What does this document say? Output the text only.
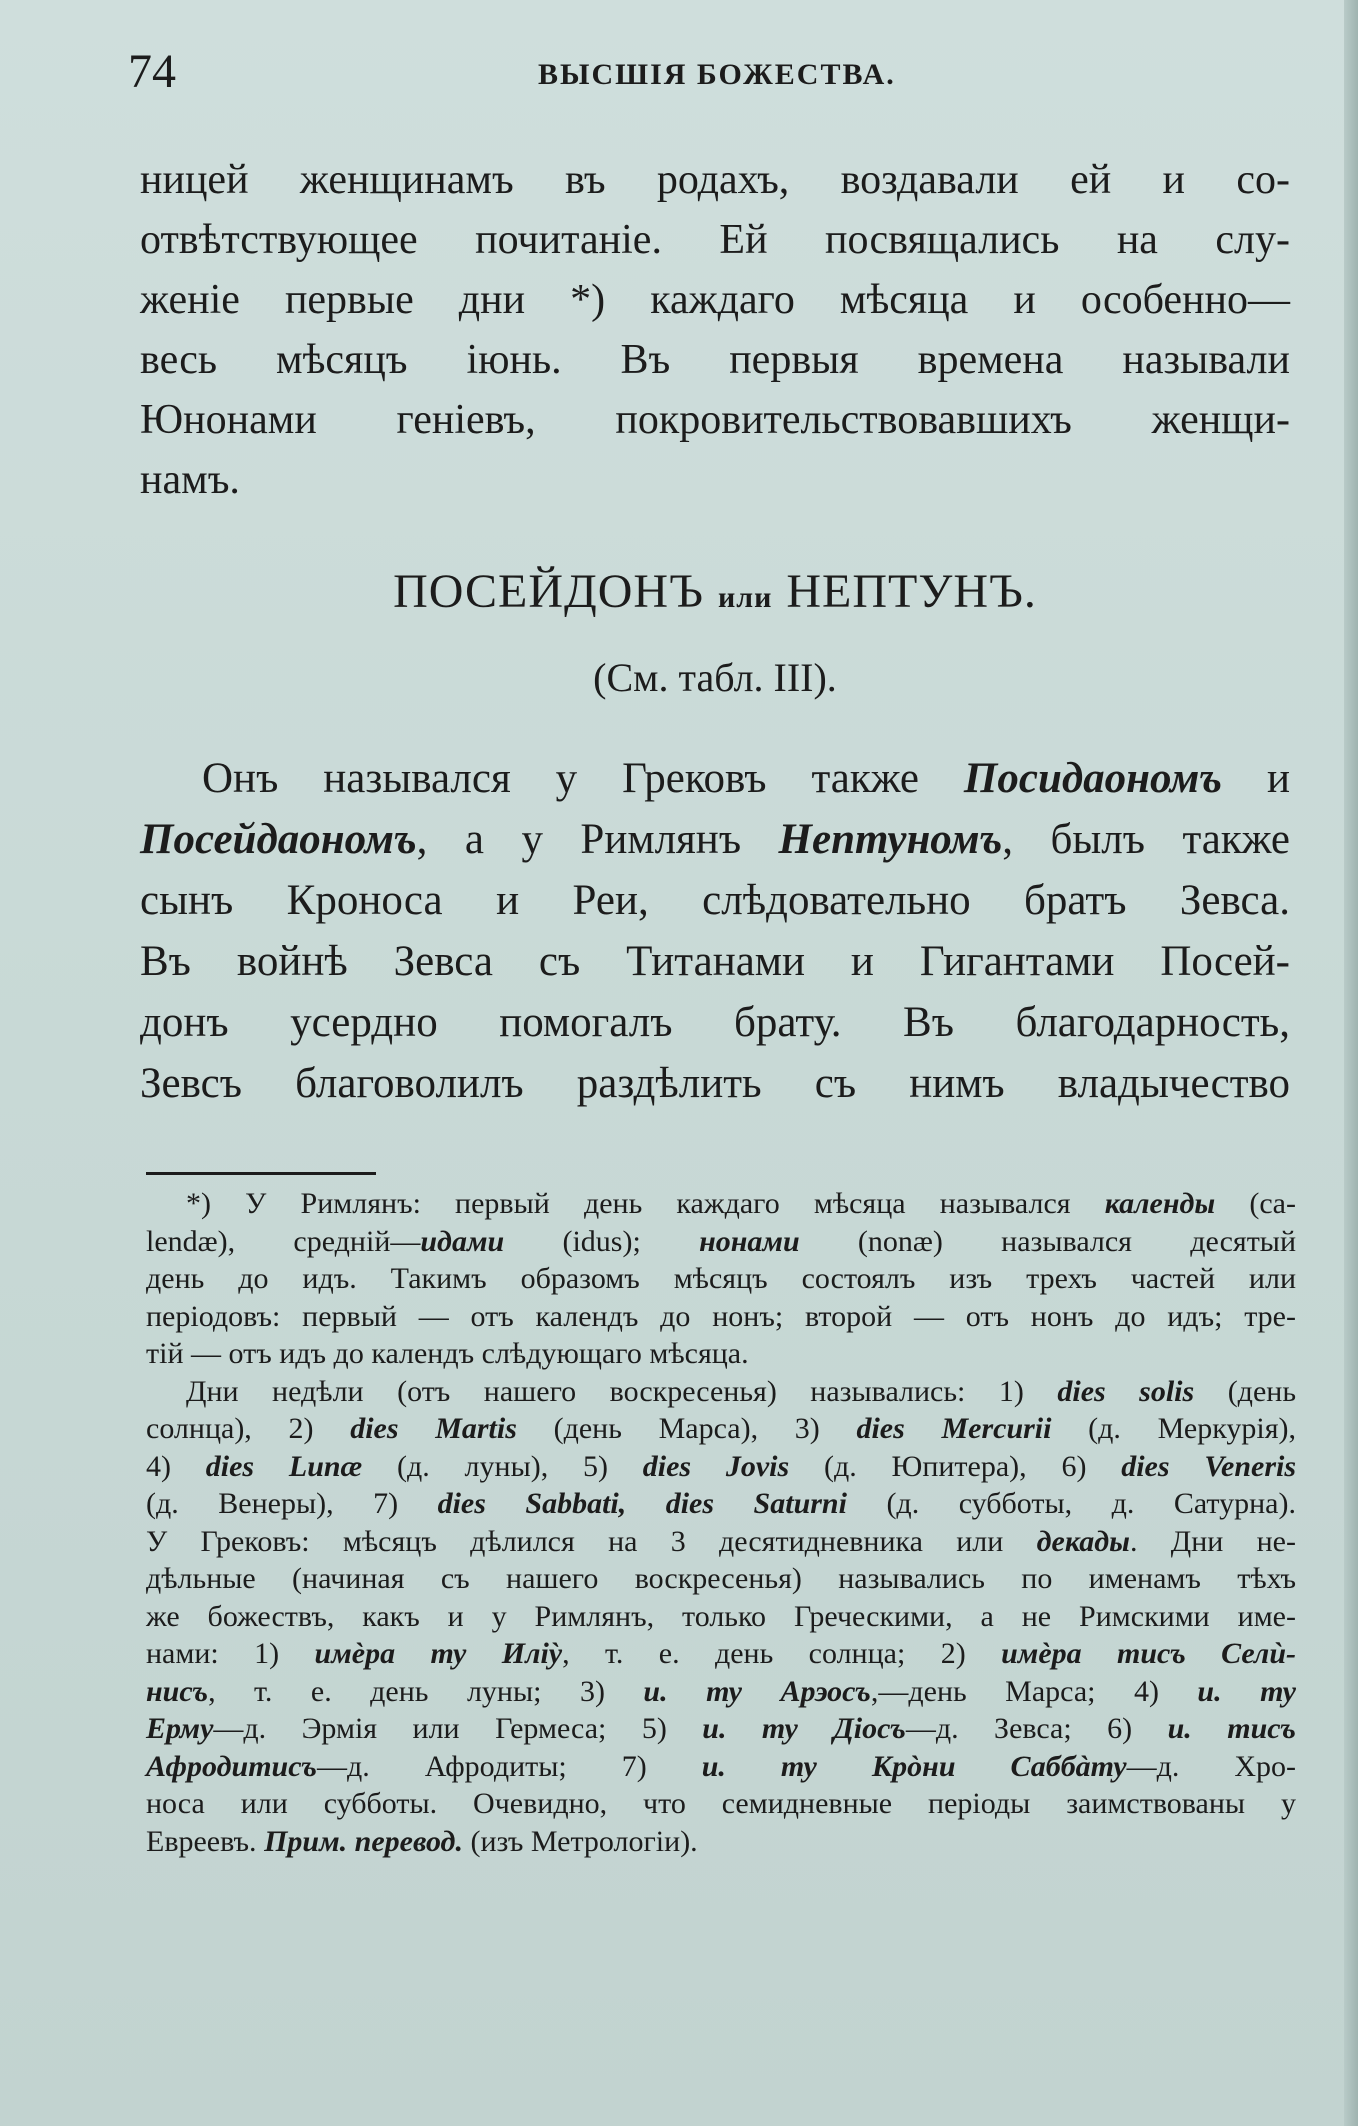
74	ВЫСШІЯ БОЖЕСТВА.
ницей женщинамъ въ родахъ, воздавали ей и со-
отвѣтствующее почитаніе. Ей посвящались на слу-
женіе первые дни *) каждаго мѣсяца и особенно—
весь мѣсяцъ іюнь. Въ первыя времена называли
Юнонами геніевъ, покровительствовавшихъ женщи-
намъ.
ПОСЕЙДОНЪ или НЕПТУНЪ.
(См. табл. III).
Онъ назывался у Грековъ также Посидаономъ и
Посейдаономъ, а у Римлянъ Нептуномъ, былъ также
сынъ Кроноса и Реи, слѣдовательно братъ Зевса.
Въ войнѣ Зевса съ Титанами и Гигантами Посей-
донъ усердно помогалъ брату. Въ благодарность,
Зевсъ благоволилъ раздѣлить съ нимъ владычество
*) У Римлянъ: первый день каждаго мѣсяца назывался календы (ca-
lendæ), средній—идами (idus); нонами (nonæ) назывался десятый
день до идъ. Такимъ образомъ мѣсяцъ состоялъ изъ трехъ частей или
періодовъ: первый — отъ календъ до нонъ; второй — отъ нонъ до идъ; тре-
тій — отъ идъ до календъ слѣдующаго мѣсяца.
Дни недѣли (отъ нашего воскресенья) назывались: 1) dies solis (день
солнца), 2) dies Martis (день Марса), 3) dies Mercurii (д. Меркурія),
4) dies Lunæ (д. луны), 5) dies Jovis (д. Юпитера), 6) dies Veneris
(д. Венеры), 7) dies Sabbati, dies Saturni (д. субботы, д. Сатурна).
У Грековъ: мѣсяцъ дѣлился на 3 десятидневника или декады. Дни не-
дѣльные (начиная съ нашего воскресенья) назывались по именамъ тѣхъ
же божествъ, какъ и у Римлянъ, только Греческими, а не Римскими име-
нами: 1) имèра ту Иліỳ, т. е. день солнца; 2) имèра тисъ Селѝ-
нисъ, т. е. день луны; 3) и. ту Арэосъ,—день Марса; 4) и. ту
Ерму—д. Эрмія или Гермеса; 5) и. ту Діосъ—д. Зевса; 6) и. тисъ
Афродитисъ—д. Афродиты; 7) и. ту Крòни Саббàту—д. Хро-
носа или субботы. Очевидно, что семидневные періоды заимствованы у
Евреевъ. Прим. перевод. (изъ Метрологіи).
